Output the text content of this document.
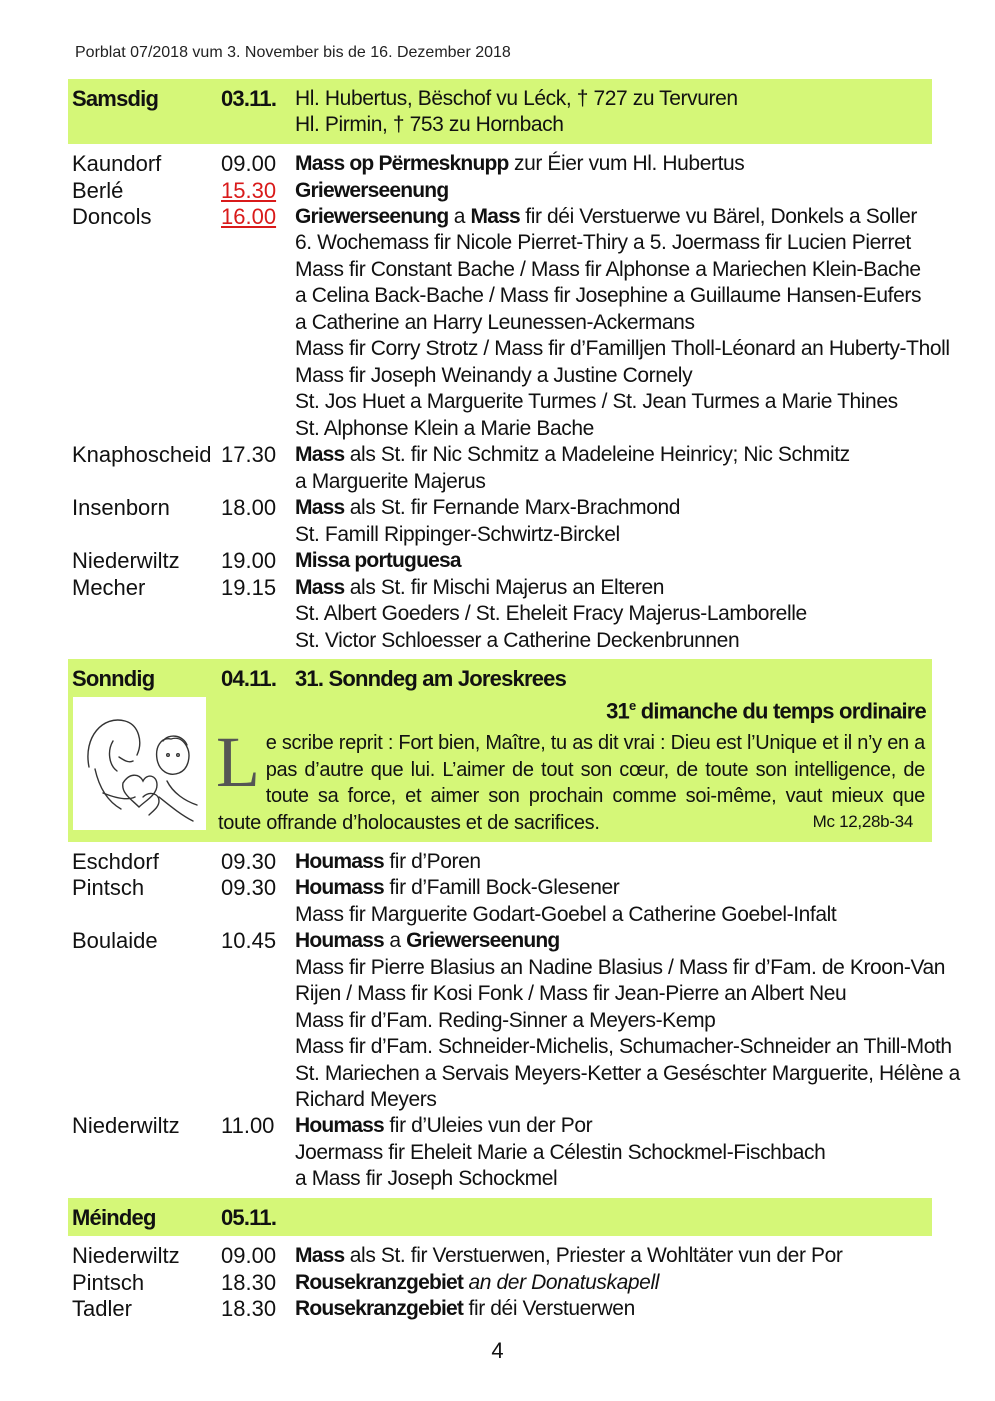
Porblat 07/2018 vum 3. November bis de 16. Dezember 2018
Samsdig	03.11. Hl. Hubertus, Bëschof vu Léck, † 727 zu Tervuren
Hl. Pirmin, † 753 zu Hornbach
Kaundorf	09.00 Mass op Përmesknupp zur Éier vum Hl. Hubertus
Berlé	15.30 Griewerseenung
Doncols	16.00 Griewerseenung a Mass fir déi Verstuerwe vu Bärel, Donkels a Soller
6. Wochemass fir Nicole Pierret-Thiry a 5. Joermass fir Lucien Pierret
Mass fir Constant Bache / Mass fir Alphonse a Mariechen Klein-Bache
a Celina Back-Bache / Mass fir Josephine a Guillaume Hansen-Eufers
a Catherine an Harry Leunessen-Ackermans
Mass fir Corry Strotz / Mass fir d’Familljen Tholl-Léonard an Huberty-Tholl
Mass fir Joseph Weinandy a Justine Cornely
St. Jos Huet a Marguerite Turmes / St. Jean Turmes a Marie Thines
St. Alphonse Klein a Marie Bache
Knaphoscheid 17.30 Mass als St. fir Nic Schmitz a Madeleine Heinricy; Nic Schmitz
a Marguerite Majerus
Insenborn 18.00 Mass als St. fir Fernande Marx-Brachmond
St. Famill Rippinger-Schwirtz-Birckel
Niederwiltz 19.00 Missa portuguesa
Mecher	19.15 Mass als St. fir Mischi Majerus an Elteren
St. Albert Goeders / St. Eheleit Fracy Majerus-Lamborelle
St. Victor Schloesser a Catherine Deckenbrunnen
Sonndig	04.11. 31. Sonndeg am Joreskrees
31e dimanche du temps ordinaire
Le scribe reprit : Fort bien, Maître, tu as dit vrai : Dieu est l’Unique et il n’y en a pas d’autre que lui. L’aimer de tout son cœur, de toute son intelligence, de toute sa force, et aimer son prochain comme soi-même, vaut mieux que toute offrande d’holocaustes et de sacrifices.	Mc 12,28b-34
Eschdorf	09.30 Houmass fir d’Poren
Pintsch	09.30 Houmass fir d’Famill Bock-Glesener
Mass fir Marguerite Godart-Goebel a Catherine Goebel-Infalt
Boulaide	10.45 Houmass a Griewerseenung
Mass fir Pierre Blasius an Nadine Blasius / Mass fir d’Fam. de Kroon-Van
Rijen / Mass fir Kosi Fonk / Mass fir Jean-Pierre an Albert Neu
Mass fir d’Fam. Reding-Sinner a Meyers-Kemp
Mass fir d’Fam. Schneider-Michelis, Schumacher-Schneider an Thill-Moth
St. Mariechen a Servais Meyers-Ketter a Geséschter Marguerite, Hélène a
Richard Meyers
Niederwiltz 11.00 Houmass fir d’Uleies vun der Por
Joermass fir Eheleit Marie a Célestin Schockmel-Fischbach
a Mass fir Joseph Schockmel
Méindeg	05.11.
Niederwiltz 09.00 Mass als St. fir Verstuerwen, Priester a Wohltäter vun der Por
Pintsch	18.30 Rousekranzgebiet an der Donatuskapell
Tadler	18.30 Rousekranzgebiet fir déi Verstuerwen
4
